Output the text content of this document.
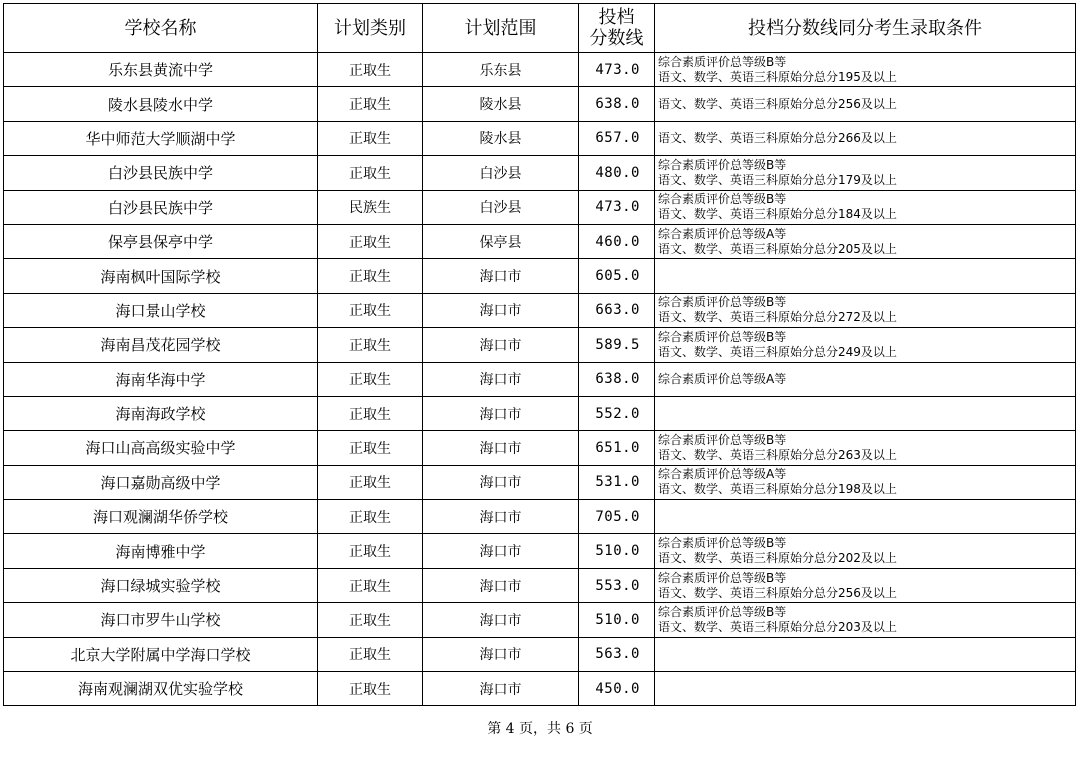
学校名称	计划类别	计划范围	投档
分数线	投档分数线同分考生录取条件
乐东县黄流中学	正取生	乐东县	473.0	综合素质评价总等级B等
语文、数学、英语三科原始分总分195及以上

陵水县陵水中学	正取生	陵水县	638.0	语文、数学、英语三科原始分总分256及以上

华中师范大学顺湖中学	正取生	陵水县	657.0	语文、数学、英语三科原始分总分266及以上

白沙县民族中学	正取生	白沙县	480.0	综合素质评价总等级B等
语文、数学、英语三科原始分总分179及以上

白沙县民族中学	民族生	白沙县	473.0	综合素质评价总等级B等
语文、数学、英语三科原始分总分184及以上

保亭县保亭中学	正取生	保亭县	460.0	综合素质评价总等级A等
语文、数学、英语三科原始分总分205及以上

海南枫叶国际学校	正取生	海口市	605.0	
海口景山学校	正取生	海口市	663.0	综合素质评价总等级B等
语文、数学、英语三科原始分总分272及以上

海南昌茂花园学校	正取生	海口市	589.5	综合素质评价总等级B等
语文、数学、英语三科原始分总分249及以上

海南华海中学	正取生	海口市	638.0	综合素质评价总等级A等

海南海政学校	正取生	海口市	552.0	
海口山高高级实验中学	正取生	海口市	651.0	综合素质评价总等级B等
语文、数学、英语三科原始分总分263及以上

海口嘉勋高级中学	正取生	海口市	531.0	综合素质评价总等级A等
语文、数学、英语三科原始分总分198及以上

海口观澜湖华侨学校	正取生	海口市	705.0	
海南博雅中学	正取生	海口市	510.0	综合素质评价总等级B等
语文、数学、英语三科原始分总分202及以上

海口绿城实验学校	正取生	海口市	553.0	综合素质评价总等级B等
语文、数学、英语三科原始分总分256及以上

海口市罗牛山学校	正取生	海口市	510.0	综合素质评价总等级B等
语文、数学、英语三科原始分总分203及以上

北京大学附属中学海口学校	正取生	海口市	563.0	
海南观澜湖双优实验学校	正取生	海口市	450.0	
第 4 页，共 6 页
